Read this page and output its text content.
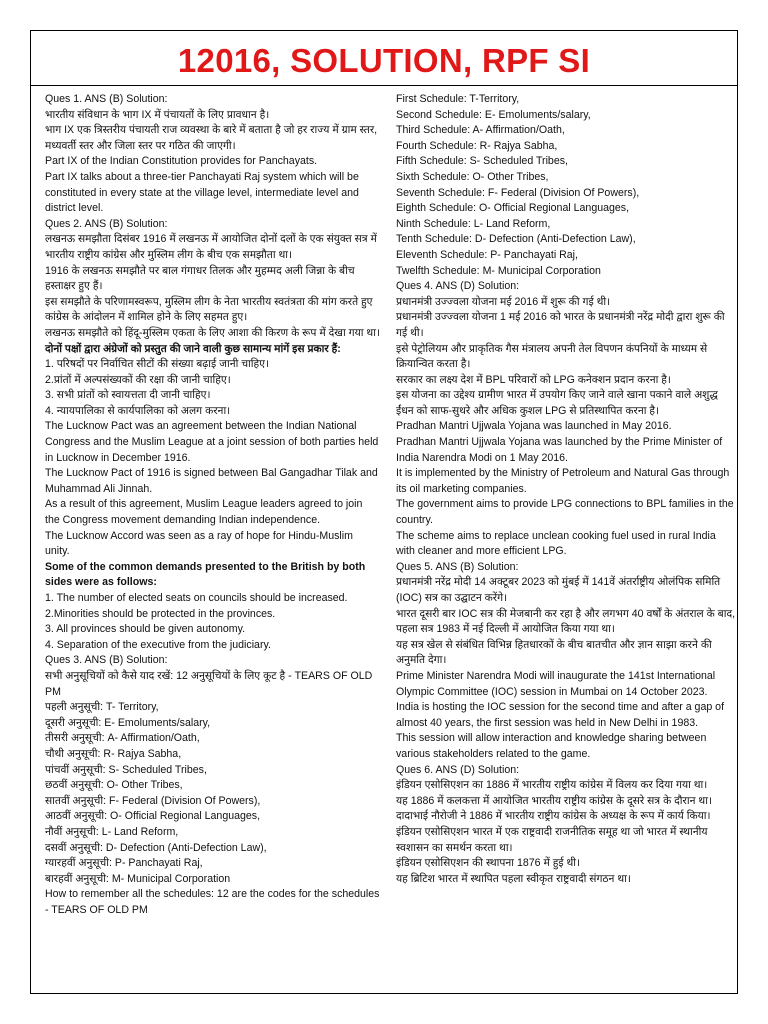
12016, SOLUTION, RPF SI

Ques 1. ANS (B) Solution:

भारतीय संविधान के भाग IX में पंचायतों के लिए प्रावधान है।

भाग IX एक त्रिस्तरीय पंचायती राज व्यवस्था के बारे में बताता है जो हर राज्य में ग्राम स्तर, मध्यवर्ती स्तर और जिला स्तर पर गठित की जाएगी।

Part IX of the Indian Constitution provides for Panchayats.

Part IX talks about a three-tier Panchayati Raj system which will be constituted in every state at the village level, intermediate level and district level.

Ques 2. ANS (B) Solution:

लखनऊ समझौता दिसंबर 1916 में लखनऊ में आयोजित दोनों दलों के एक संयुक्त सत्र में भारतीय राष्ट्रीय कांग्रेस और मुस्लिम लीग के बीच एक समझौता था।

1916 के लखनऊ समझौते पर बाल गंगाधर तिलक और मुहम्मद अली जिन्ना के बीच हस्ताक्षर हुए हैं।

इस समझौते के परिणामस्वरूप, मुस्लिम लीग के नेता भारतीय स्वतंत्रता की मांग करते हुए कांग्रेस के आंदोलन में शामिल होने के लिए सहमत हुए।

लखनऊ समझौते को हिंदू-मुस्लिम एकता के लिए आशा की किरण के रूप में देखा गया था।

दोनों पक्षों द्वारा अंग्रेजों को प्रस्तुत की जाने वाली कुछ सामान्य मांगें इस प्रकार हैं:

1. परिषदों पर निर्वाचित सीटों की संख्या बढ़ाई जानी चाहिए।

2.प्रांतों में अल्पसंख्यकों की रक्षा की जानी चाहिए।

3. सभी प्रांतों को स्वायत्तता दी जानी चाहिए।

4. न्यायपालिका से कार्यपालिका को अलग करना।

The Lucknow Pact was an agreement between the Indian National Congress and the Muslim League at a joint session of both parties held in Lucknow in December 1916.

The Lucknow Pact of 1916 is signed between Bal Gangadhar Tilak and Muhammad Ali Jinnah.

As a result of this agreement, Muslim League leaders agreed to join the Congress movement demanding Indian independence.

The Lucknow Accord was seen as a ray of hope for Hindu-Muslim unity.

Some of the common demands presented to the British by both sides were as follows:

1. The number of elected seats on councils should be increased.

2.Minorities should be protected in the provinces.

3. All provinces should be given autonomy.

4. Separation of the executive from the judiciary.

Ques 3. ANS (B) Solution:

सभी अनुसूचियों को कैसे याद रखें: 12 अनुसूचियों के लिए कूट है - TEARS OF OLD PM

पहली अनुसूची: T- Territory,

दूसरी अनुसूची: E- Emoluments/salary,

तीसरी अनुसूची: A- Affirmation/Oath,

चौथी अनुसूची: R- Rajya Sabha,

पांचवीं अनुसूची: S- Scheduled Tribes,

छठवीं अनुसूची: O- Other Tribes,

सातवीं अनुसूची: F- Federal (Division Of Powers),

आठवीं अनुसूची: O- Official Regional Languages,

नौवीं अनुसूची: L- Land Reform,

दसवीं अनुसूची: D- Defection (Anti-Defection Law),

ग्यारहवीं अनुसूची: P- Panchayati Raj,

बारहवीं अनुसूची: M- Municipal Corporation

How to remember all the schedules: 12 are the codes for the schedules - TEARS OF OLD PM

First Schedule: T-Territory,

Second Schedule: E- Emoluments/salary,

Third Schedule: A- Affirmation/Oath,

Fourth Schedule: R- Rajya Sabha,

Fifth Schedule: S- Scheduled Tribes,

Sixth Schedule: O- Other Tribes,

Seventh Schedule: F- Federal (Division Of Powers),

Eighth Schedule: O- Official Regional Languages,

Ninth Schedule: L- Land Reform,

Tenth Schedule: D- Defection (Anti-Defection Law),

Eleventh Schedule: P- Panchayati Raj,

Twelfth Schedule: M- Municipal Corporation

Ques 4. ANS (D) Solution:

प्रधानमंत्री उज्ज्वला योजना मई 2016 में शुरू की गई थी।

प्रधानमंत्री उज्ज्वला योजना 1 मई 2016 को भारत के प्रधानमंत्री नरेंद्र मोदी द्वारा शुरू की गई थी।

इसे पेट्रोलियम और प्राकृतिक गैस मंत्रालय अपनी तेल विपणन कंपनियों के माध्यम से क्रियान्वित करता है।

सरकार का लक्ष्य देश में BPL परिवारों को LPG कनेक्शन प्रदान करना है।

इस योजना का उद्देश्य ग्रामीण भारत में उपयोग किए जाने वाले खाना पकाने वाले अशुद्ध ईंधन को साफ-सुथरे और अधिक कुशल LPG से प्रतिस्थापित करना है।

Pradhan Mantri Ujjwala Yojana was launched in May 2016.

Pradhan Mantri Ujjwala Yojana was launched by the Prime Minister of India Narendra Modi on 1 May 2016.

It is implemented by the Ministry of Petroleum and Natural Gas through its oil marketing companies.

The government aims to provide LPG connections to BPL families in the country.

The scheme aims to replace unclean cooking fuel used in rural India with cleaner and more efficient LPG.

Ques 5. ANS (B) Solution:

प्रधानमंत्री नरेंद्र मोदी 14 अक्टूबर 2023 को मुंबई में 141वें अंतर्राष्ट्रीय ओलंपिक समिति (IOC) सत्र का उद्घाटन करेंगे।

भारत दूसरी बार IOC सत्र की मेजबानी कर रहा है और लगभग 40 वर्षों के अंतराल के बाद, पहला सत्र 1983 में नई दिल्ली में आयोजित किया गया था।

यह सत्र खेल से संबंधित विभिन्न हितधारकों के बीच बातचीत और ज्ञान साझा करने की अनुमति देगा।

Prime Minister Narendra Modi will inaugurate the 141st International Olympic Committee (IOC) session in Mumbai on 14 October 2023.

India is hosting the IOC session for the second time and after a gap of almost 40 years, the first session was held in New Delhi in 1983.

This session will allow interaction and knowledge sharing between various stakeholders related to the game.

Ques 6. ANS (D) Solution:

इंडियन एसोसिएशन का 1886 में भारतीय राष्ट्रीय कांग्रेस में विलय कर दिया गया था।

यह 1886 में कलकत्ता में आयोजित भारतीय राष्ट्रीय कांग्रेस के दूसरे सत्र के दौरान था।

दादाभाई नौरोजी ने 1886 में भारतीय राष्ट्रीय कांग्रेस के अध्यक्ष के रूप में कार्य किया।

इंडियन एसोसिएशन भारत में एक राष्ट्रवादी राजनीतिक समूह था जो भारत में स्थानीय स्वशासन का समर्थन करता था।

इंडियन एसोसिएशन की स्थापना 1876 में हुई थी।

यह ब्रिटिश भारत में स्थापित पहला स्वीकृत राष्ट्रवादी संगठन था।
